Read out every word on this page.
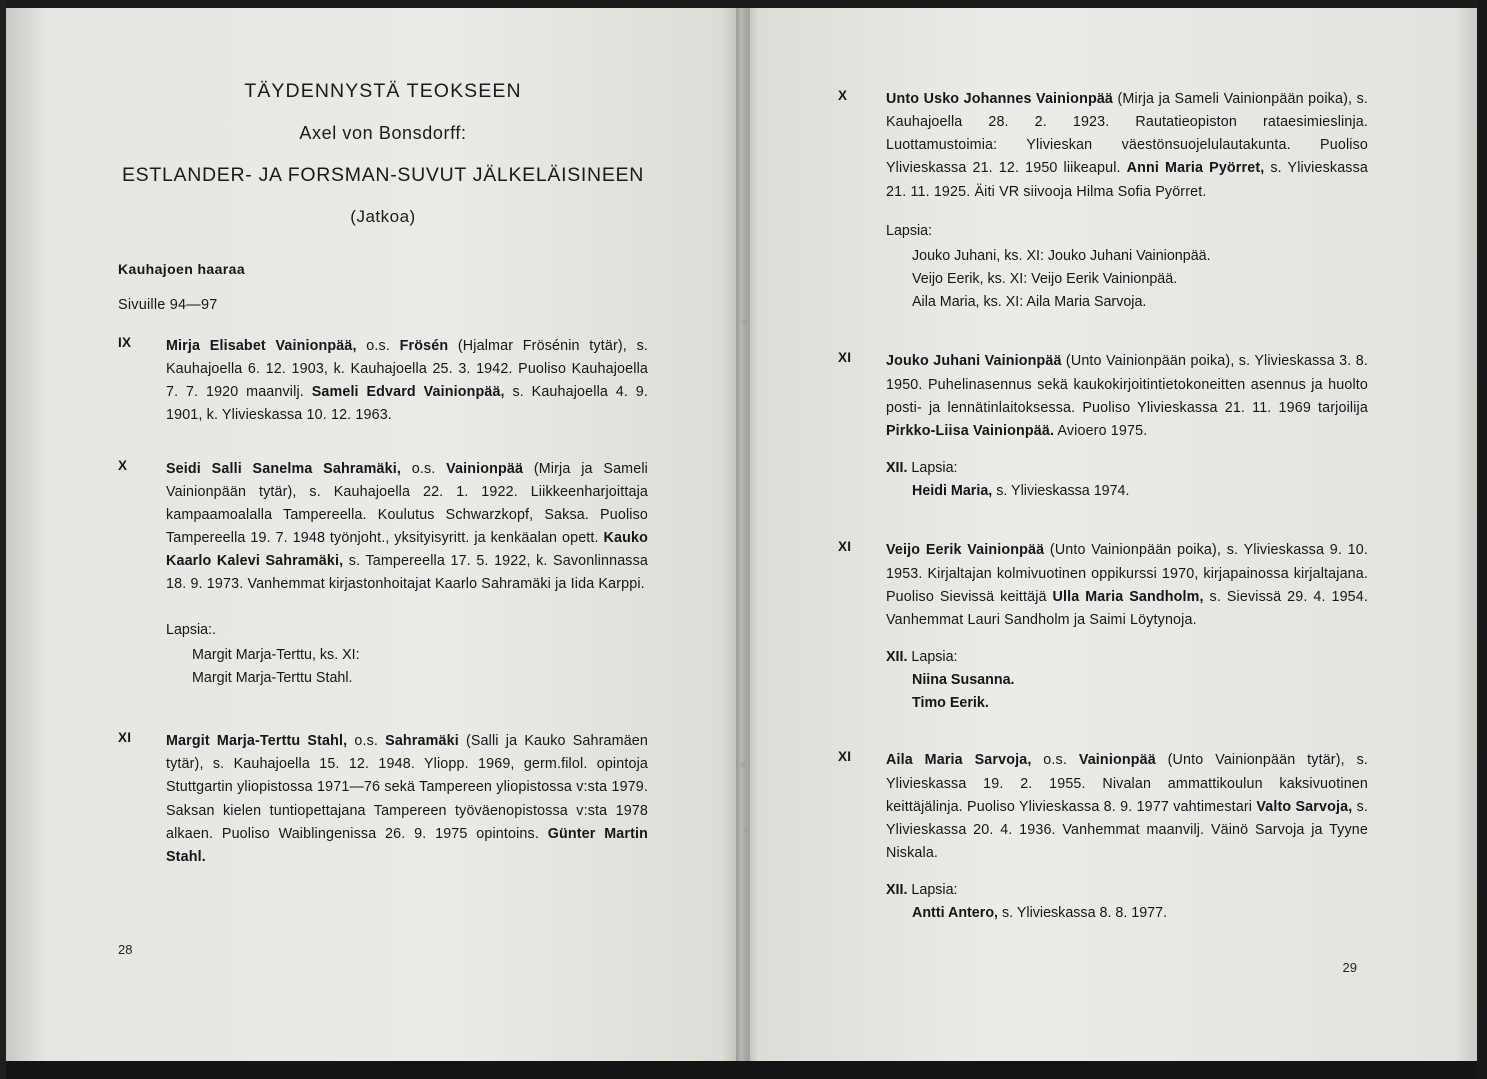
TÄYDENNYSTÄ TEOKSEEN
Axel von Bonsdorff:
ESTLANDER- JA FORSMAN-SUVUT JÄLKELÄISINEEN
(Jatkoa)
Kauhajoen haaraa
Sivuille 94—97
IX Mirja Elisabet Vainionpää, o.s. Frösén (Hjalmar Frösénin tytär), s. Kauhajoella 6. 12. 1903, k. Kauhajoella 25. 3. 1942. Puoliso Kauhajoella 7. 7. 1920 maanvilj. Sameli Edvard Vainionpää, s. Kauhajoella 4. 9. 1901, k. Ylivieskassa 10. 12. 1963.
X	Seidi Salli Sanelma Sahramäki, o.s. Vainionpää (Mirja ja Sameli Vainionpään tytär), s. Kauhajoella 22. 1. 1922. Liikkeenharjoittaja kampaamoalalla Tampereella. Koulutus Schwarzkopf, Saksa. Puoliso Tampereella 19. 7. 1948 työnjoht., yksityisyritt. ja kenkäalan opett. Kauko Kaarlo Kalevi Sahramäki, s. Tampereella 17. 5. 1922, k. Savonlinnassa 18. 9. 1973. Vanhemmat kirjastonhoitajat Kaarlo Sahramäki ja Iida Karppi.
Lapsia:.
Margit Marja-Terttu, ks. XI:
Margit Marja-Terttu Stahl.
XI Margit Marja-Terttu Stahl, o.s. Sahramäki (Salli ja Kauko Sahramäen tytär), s. Kauhajoella 15. 12. 1948. Yliopp. 1969, germ.filol. opintoja Stuttgartin yliopistossa 1971—76 sekä Tampereen yliopistossa v:sta 1979. Saksan kielen tuntiopettajana Tampereen työväenopistossa v:sta 1978 alkaen. Puoliso Waiblingenissa 26. 9. 1975 opintoins. Günter Martin Stahl.
X	Unto Usko Johannes Vainionpää (Mirja ja Sameli Vainionpään poika), s. Kauhajoella 28. 2. 1923. Rautatieopiston rataesimieslinja. Luottamustoimia: Ylivieskan väestönsuojelulautakunta. Puoliso Ylivieskassa 21. 12. 1950 liikeapul. Anni Maria Pyörret, s. Ylivieskassa 21. 11. 1925. Äiti VR siivooja Hilma Sofia Pyörret.
Lapsia:
Jouko Juhani, ks. XI: Jouko Juhani Vainionpää.
Veijo Eerik, ks. XI: Veijo Eerik Vainionpää.
Aila Maria, ks. XI: Aila Maria Sarvoja.
XI Jouko Juhani Vainionpää (Unto Vainionpään poika), s. Ylivieskassa 3. 8. 1950. Puhelinasennus sekä kaukokirjoitintietokoneitten asennus ja huolto posti- ja lennätinlaitoksessa. Puoliso Ylivieskassa 21. 11. 1969 tarjoilija Pirkko-Liisa Vainionpää. Avioero 1975.
XII. Lapsia:
Heidi Maria, s. Ylivieskassa 1974.
XI Veijo Eerik Vainionpää (Unto Vainionpään poika), s. Ylivieskassa 9. 10. 1953. Kirjaltajan kolmivuotinen oppikurssi 1970, kirjapainossa kirjaltajana. Puoliso Sievissä keittäjä Ulla Maria Sandholm, s. Sievissä 29. 4. 1954. Vanhemmat Lauri Sandholm ja Saimi Löytynoja.
XII. Lapsia:
Niina Susanna.
Timo Eerik.
XI Aila Maria Sarvoja, o.s. Vainionpää (Unto Vainionpään tytär), s. Ylivieskassa 19. 2. 1955. Nivalan ammattikoulun kaksivuotinen keittäjälinja. Puoliso Ylivieskassa 8. 9. 1977 vahtimestari Valto Sarvoja, s. Ylivieskassa 20. 4. 1936. Vanhemmat maanvilj. Väinö Sarvoja ja Tyyne Niskala.
XII. Lapsia:
Antti Antero, s. Ylivieskassa 8. 8. 1977.
28
29
